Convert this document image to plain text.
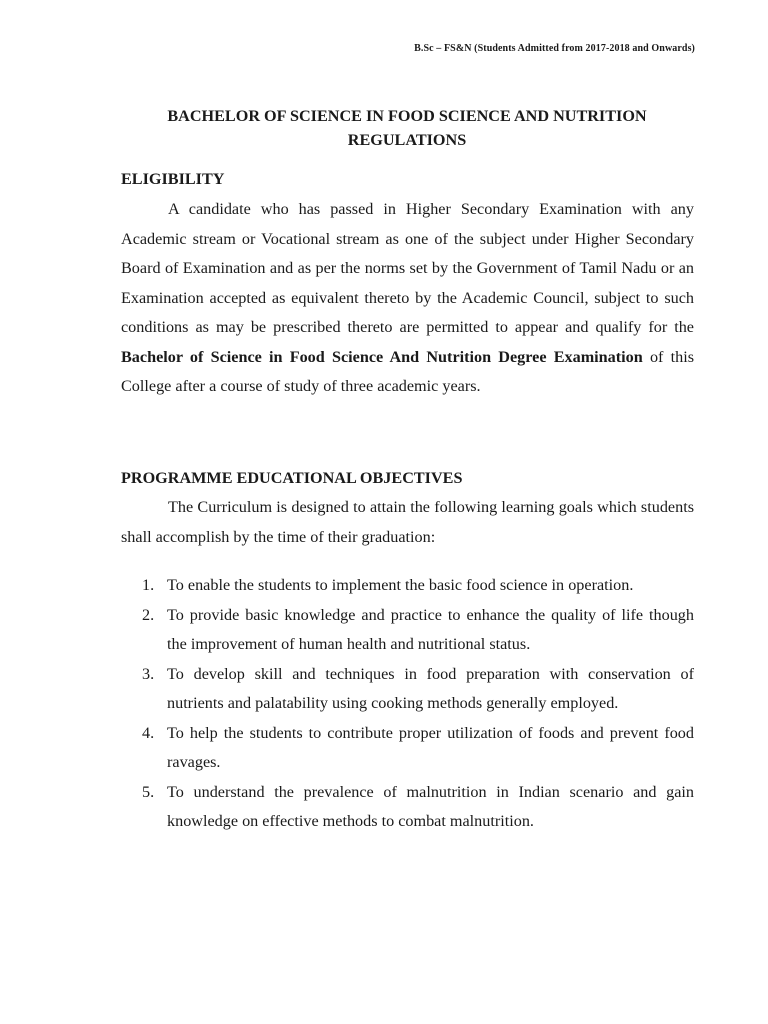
B.Sc – FS&N (Students Admitted from 2017-2018 and Onwards)
BACHELOR OF SCIENCE IN FOOD SCIENCE AND NUTRITION
REGULATIONS
ELIGIBILITY

A candidate who has passed in Higher Secondary Examination with any Academic stream or Vocational stream as one of the subject under Higher Secondary Board of Examination and as per the norms set by the Government of Tamil Nadu or an Examination accepted as equivalent thereto by the Academic Council, subject to such conditions as may be prescribed thereto are permitted to appear and qualify for the Bachelor of Science in Food Science And Nutrition Degree Examination of this College after a course of study of three academic years.

PROGRAMME EDUCATIONAL OBJECTIVES

The Curriculum is designed to attain the following learning goals which students shall accomplish by the time of their graduation:

1. To enable the students to implement the basic food science in operation.
2. To provide basic knowledge and practice to enhance the quality of life though the improvement of human health and nutritional status.
3. To develop skill and techniques in food preparation with conservation of nutrients and palatability using cooking methods generally employed.
4. To help the students to contribute proper utilization of foods and prevent food ravages.
5. To understand the prevalence of malnutrition in Indian scenario and gain knowledge on effective methods to combat malnutrition.
